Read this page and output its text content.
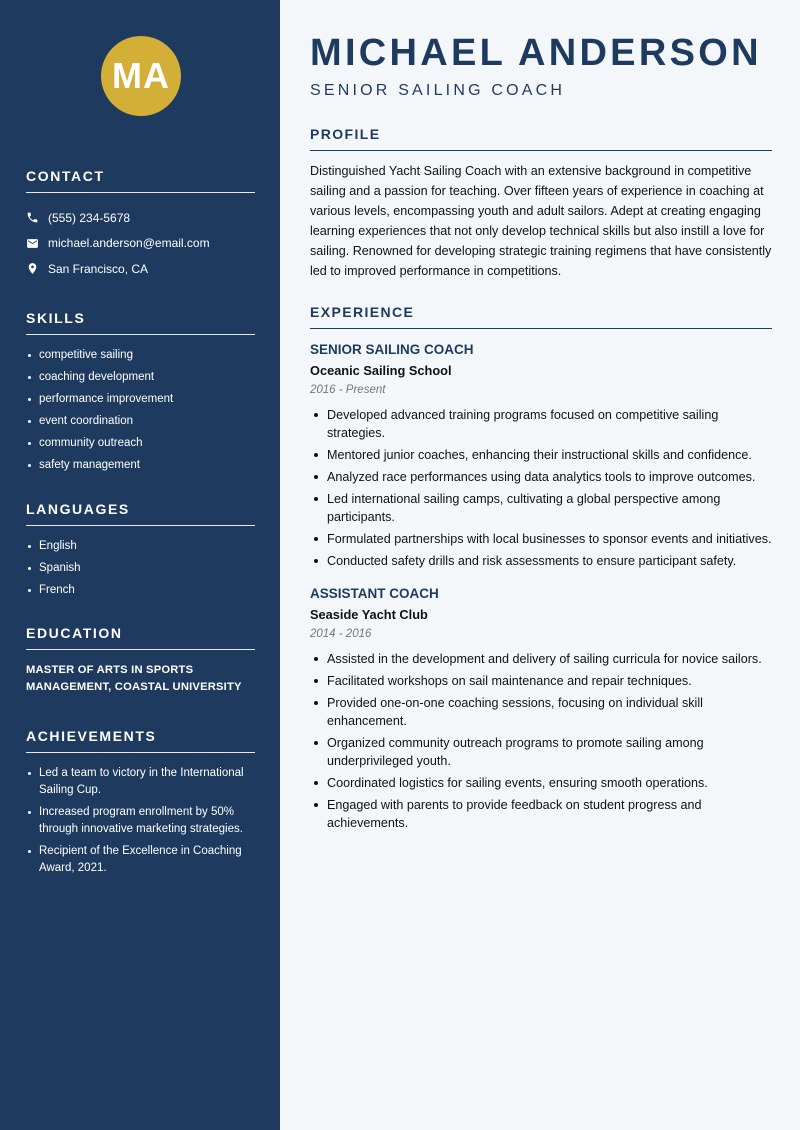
MA
CONTACT
(555) 234-5678
michael.anderson@email.com
San Francisco, CA
SKILLS
competitive sailing
coaching development
performance improvement
event coordination
community outreach
safety management
LANGUAGES
English
Spanish
French
EDUCATION
MASTER OF ARTS IN SPORTS MANAGEMENT, COASTAL UNIVERSITY
ACHIEVEMENTS
Led a team to victory in the International Sailing Cup.
Increased program enrollment by 50% through innovative marketing strategies.
Recipient of the Excellence in Coaching Award, 2021.
MICHAEL ANDERSON
SENIOR SAILING COACH
PROFILE
Distinguished Yacht Sailing Coach with an extensive background in competitive sailing and a passion for teaching. Over fifteen years of experience in coaching at various levels, encompassing youth and adult sailors. Adept at creating engaging learning experiences that not only develop technical skills but also instill a love for sailing. Renowned for developing strategic training regimens that have consistently led to improved performance in competitions.
EXPERIENCE
SENIOR SAILING COACH
Oceanic Sailing School
2016 - Present
Developed advanced training programs focused on competitive sailing strategies.
Mentored junior coaches, enhancing their instructional skills and confidence.
Analyzed race performances using data analytics tools to improve outcomes.
Led international sailing camps, cultivating a global perspective among participants.
Formulated partnerships with local businesses to sponsor events and initiatives.
Conducted safety drills and risk assessments to ensure participant safety.
ASSISTANT COACH
Seaside Yacht Club
2014 - 2016
Assisted in the development and delivery of sailing curricula for novice sailors.
Facilitated workshops on sail maintenance and repair techniques.
Provided one-on-one coaching sessions, focusing on individual skill enhancement.
Organized community outreach programs to promote sailing among underprivileged youth.
Coordinated logistics for sailing events, ensuring smooth operations.
Engaged with parents to provide feedback on student progress and achievements.
